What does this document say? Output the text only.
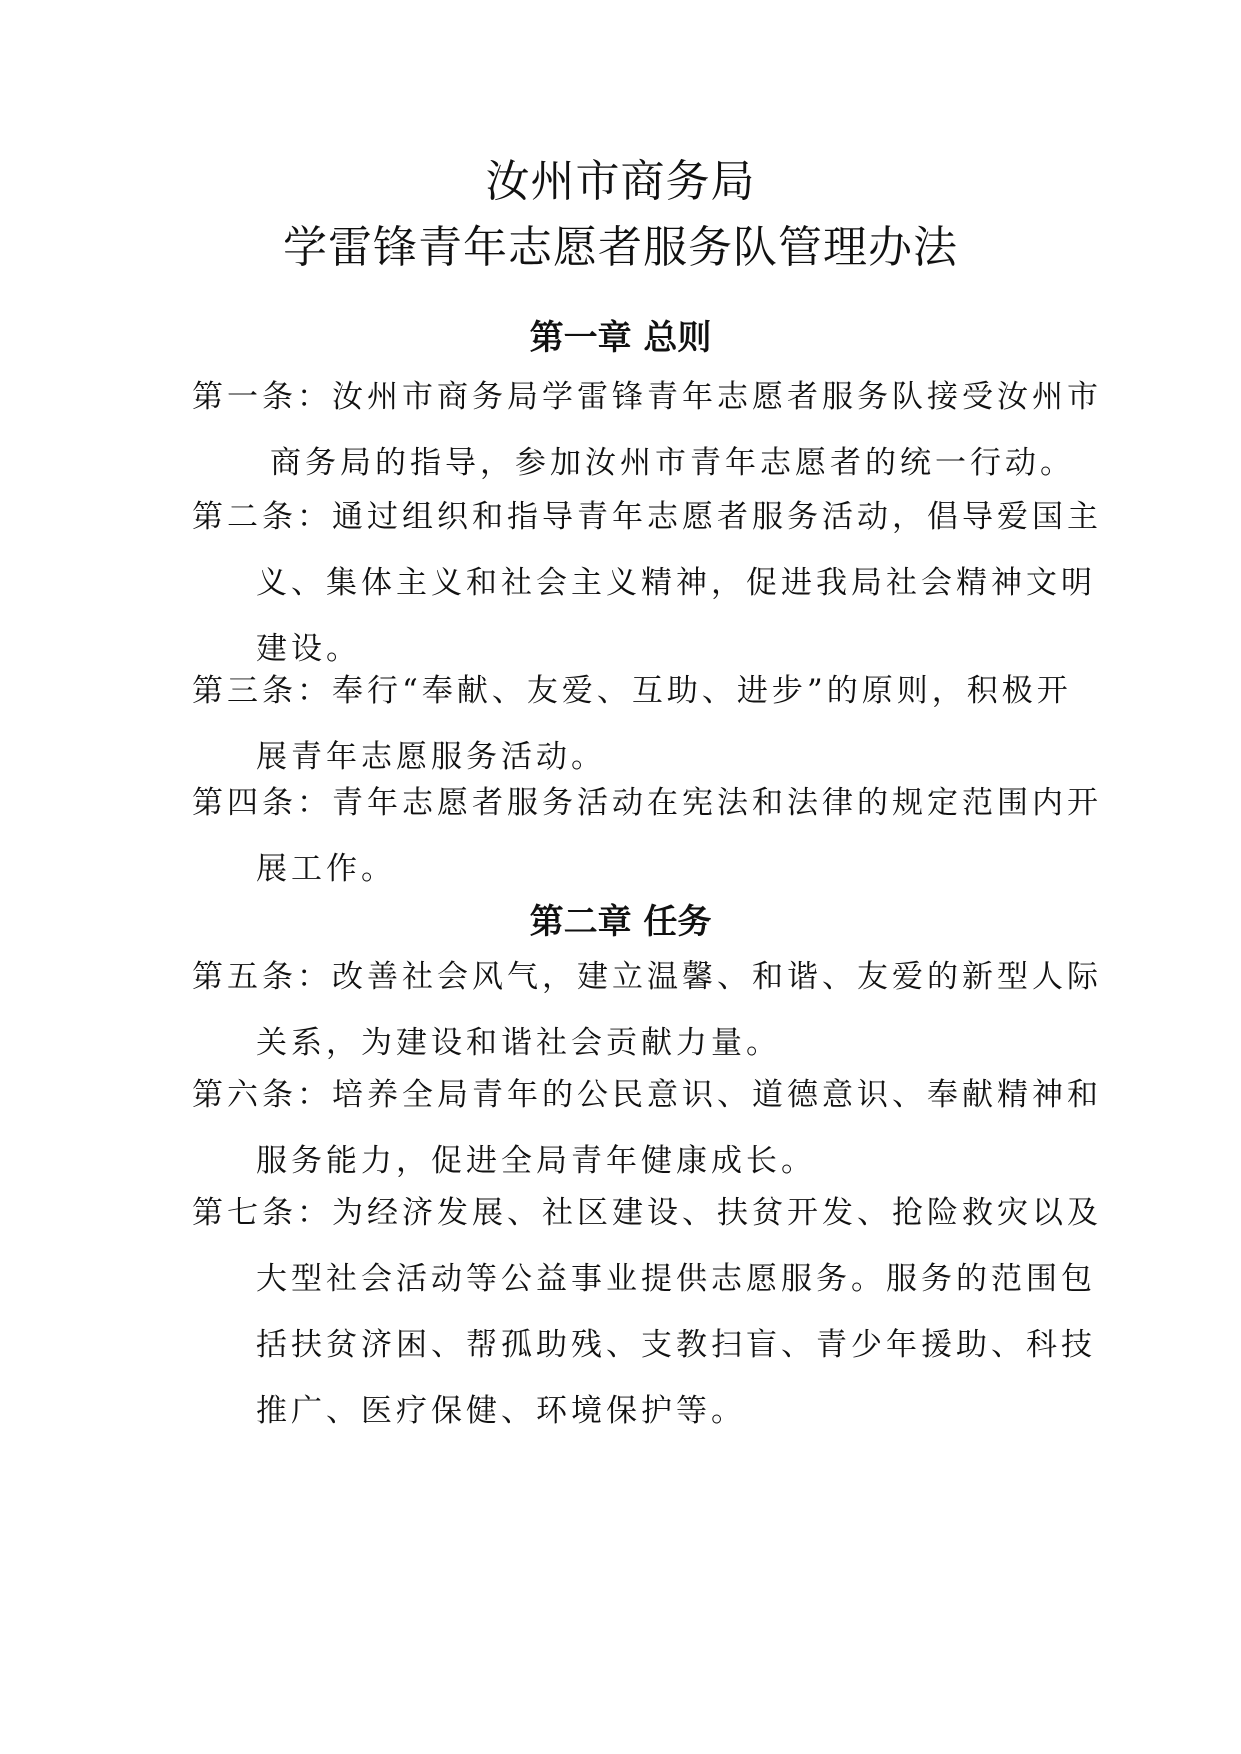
汝州市商务局
学雷锋青年志愿者服务队管理办法
第一章 总则
第一条：汝州市商务局学雷锋青年志愿者服务队接受汝州市
商务局的指导，参加汝州市青年志愿者的统一行动。
第二条：通过组织和指导青年志愿者服务活动，倡导爱国主
义、集体主义和社会主义精神，促进我局社会精神文明
建设。
第三条：奉行“奉献、友爱、互助、进步”的原则，积极开
展青年志愿服务活动。
第四条：青年志愿者服务活动在宪法和法律的规定范围内开
展工作。
第二章 任务
第五条：改善社会风气，建立温馨、和谐、友爱的新型人际
关系，为建设和谐社会贡献力量。
第六条：培养全局青年的公民意识、道德意识、奉献精神和
服务能力，促进全局青年健康成长。
第七条：为经济发展、社区建设、扶贫开发、抢险救灾以及
大型社会活动等公益事业提供志愿服务。服务的范围包
括扶贫济困、帮孤助残、支教扫盲、青少年援助、科技
推广、医疗保健、环境保护等。
